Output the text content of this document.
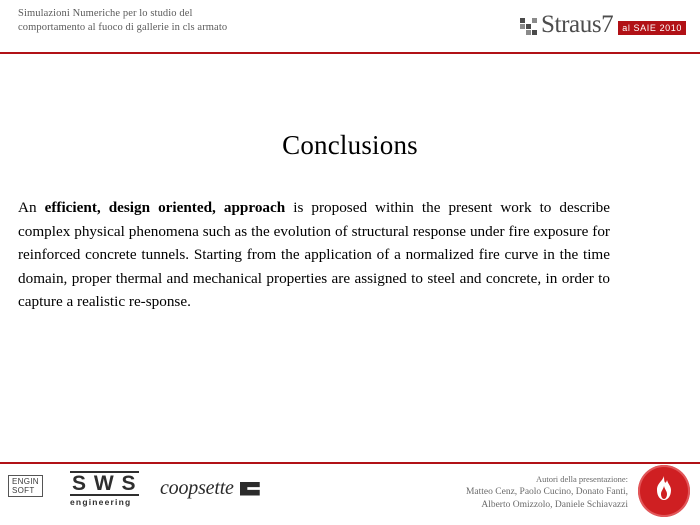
Simulazioni Numeriche per lo studio del
comportamento al fuoco di gallerie in cls armato	Straus7	al SAIE 2010
Conclusions
An efficient, design oriented, approach is proposed within the present work to describe complex physical phenomena such as the evolution of structural response under fire exposure for reinforced concrete tunnels. Starting from the application of a normalized fire curve in the time domain, proper thermal and mechanical properties are assigned to steel and concrete, in order to capture a realistic re-sponse.
ENGIN
SOFT S W S
engineering
coopsette	Autori della presentazione:
Matteo Cenz, Paolo Cucino, Donato Fanti,
Alberto Omizzolo, Daniele Schiavazzi
